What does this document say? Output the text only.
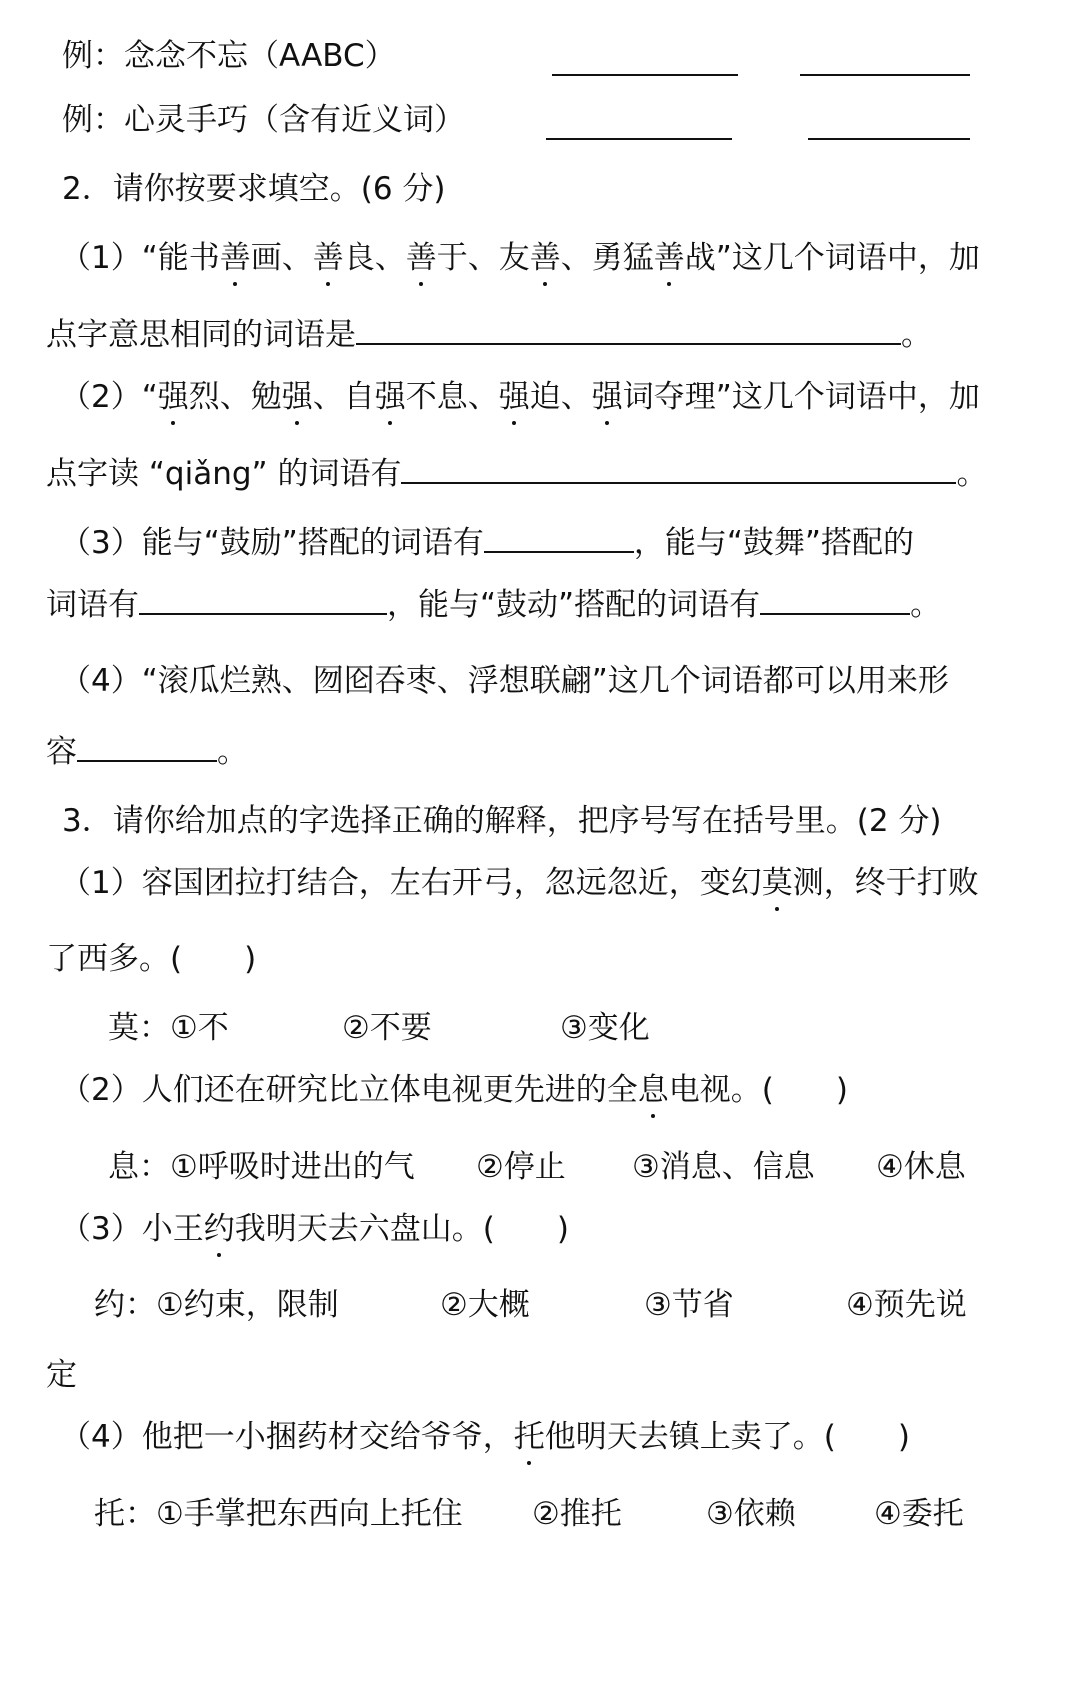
例：念念不忘（AABC）
例：心灵手巧（含有近义词）
2．请你按要求填空。(6 分)
（1）“能书善画、善良、善于、友善、勇猛善战”这几个词语中，加
点字意思相同的词语是	。
（2）“强烈、勉强、自强不息、强迫、强词夺理”这几个词语中，加
点字读 “qiǎng” 的词语有	。
（3）能与“鼓励”搭配的词语有	，能与“鼓舞”搭配的
词语有	，能与“鼓动”搭配的词语有	。
（4）“滚瓜烂熟、囫囵吞枣、浮想联翩”这几个词语都可以用来形
容	。
3．请你给加点的字选择正确的解释，把序号写在括号里。(2 分)
（1）容国团拉打结合，左右开弓，忽远忽近，变幻莫测，终于打败
了西多。(　　)
莫：①不	②不要	③变化
（2）人们还在研究比立体电视更先进的全息电视。(　　)
息：①呼吸时进出的气 ②停止 ③消息、信息 ④休息
（3）小王约我明天去六盘山。(　　)
约：①约束，限制	②大概	③节省	④预先说
定
（4）他把一小捆药材交给爷爷，托他明天去镇上卖了。(　　)
托：①手掌把东西向上托住 ②推托	③依赖	④委托
